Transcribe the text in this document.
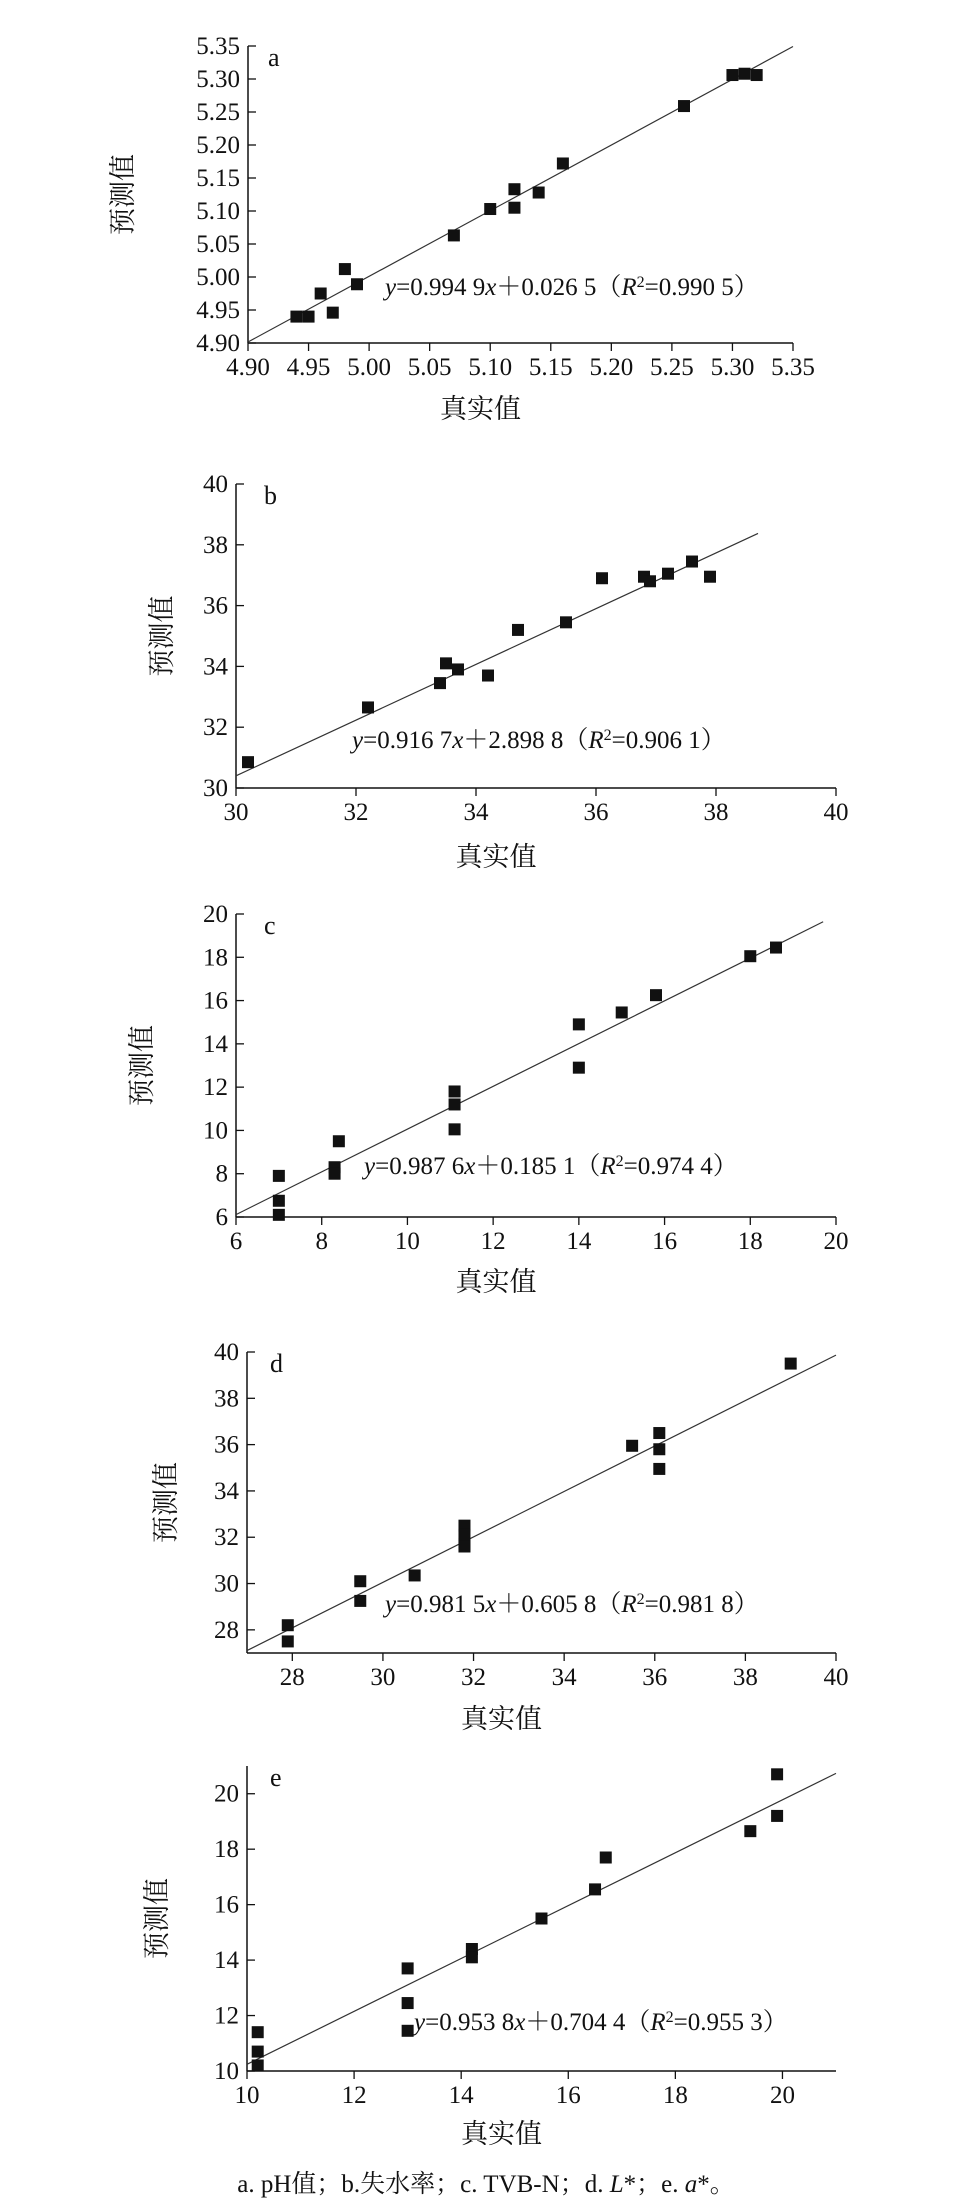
4.90 4.95 5.00 5.05 5.10 5.15 5.20 5.25 5.30 5.35
4.90
4.95
5.00
5.05
5.10
5.15
5.20
5.25
5.30
5.35 a
预测值
真实值
y=0.994 9x＋0.026 $5(R^2=0.990$ 5）
30	32	34	36	38	40
30
32
34
36
38
40 b
预测值
真实值
y=0.916 7x＋2.898 $8(R^2=0.906$ 1）
6	8	10 12 14 16 18 20
6
8
10
12
14
16
18
20 c
预测值
真实值
y=0.987 6x＋0.185 $1(R^2=0.974$ 4）
28	30	32	34	36	38	40
28
30
32
34
36
38
40 d
预测值
真实值
y=0.981 5x＋0.605 $8(R^2=0.981$ 8）
10	12	14	16	18	20
10
12
14
16
18
20
e
预测值
真实值
y=0.953 8x＋0.704 $4(R^2=0.955$ 3）
a. pH值；b.失水率；c. TVB-N；d. L*；e. a*。
